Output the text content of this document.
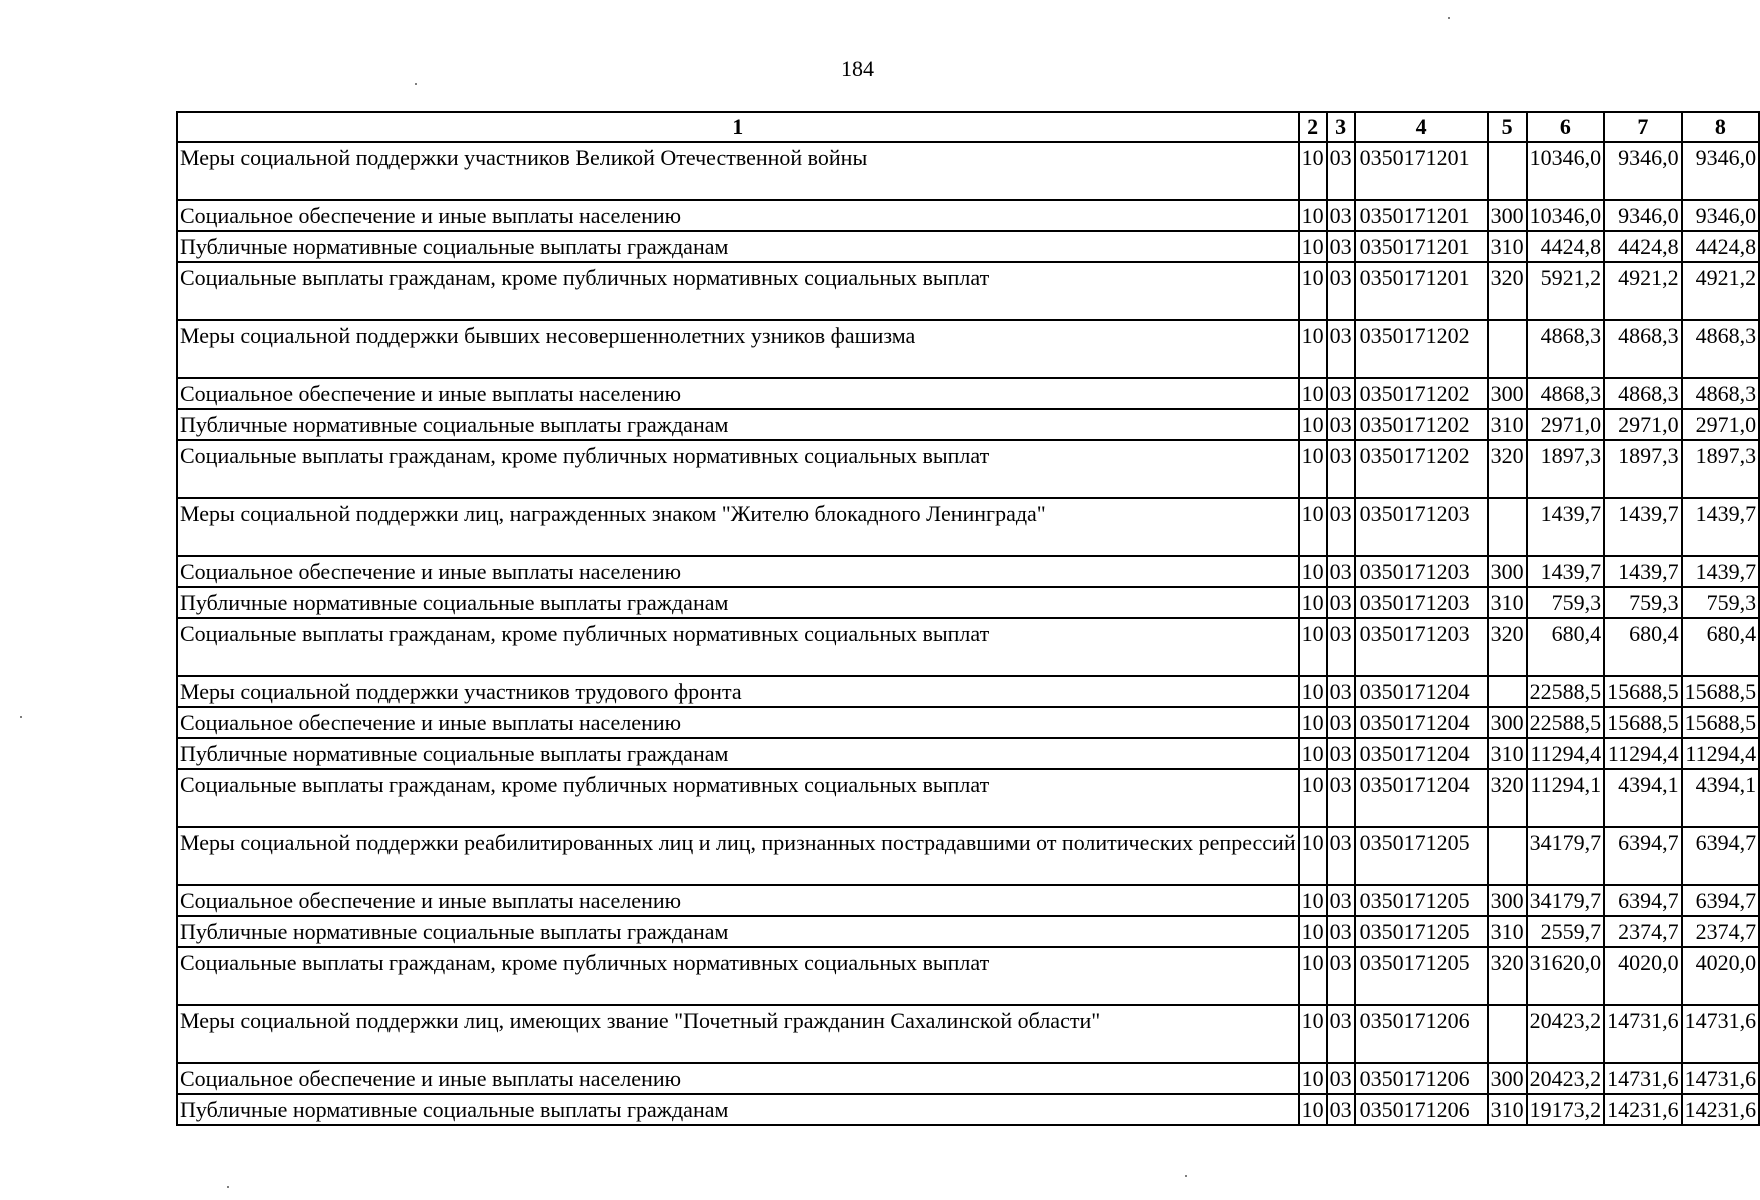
184
1	2	3	4	5	6	7	8
Меры социальной поддержки участников Великой Отечественной войны	10	03	03501 71201		10346,0	9346,0	9346,0
Социальное обеспечение и иные выплаты населению	10	03	03501 71201	300	10346,0	9346,0	9346,0
Публичные нормативные социальные выплаты гражданам	10	03	03501 71201	310	4424,8	4424,8	4424,8
Социальные выплаты гражданам, кроме публичных нормативных социальных выплат	10	03	03501 71201	320	5921,2	4921,2	4921,2
Меры социальной поддержки бывших несовершеннолетних узников фашизма	10	03	03501 71202		4868,3	4868,3	4868,3
Социальное обеспечение и иные выплаты населению	10	03	03501 71202	300	4868,3	4868,3	4868,3
Публичные нормативные социальные выплаты гражданам	10	03	03501 71202	310	2971,0	2971,0	2971,0
Социальные выплаты гражданам, кроме публичных нормативных социальных выплат	10	03	03501 71202	320	1897,3	1897,3	1897,3
Меры социальной поддержки лиц, награжденных знаком "Жителю блокадного Ленинграда"	10	03	03501 71203		1439,7	1439,7	1439,7
Социальное обеспечение и иные выплаты населению	10	03	03501 71203	300	1439,7	1439,7	1439,7
Публичные нормативные социальные выплаты гражданам	10	03	03501 71203	310	759,3	759,3	759,3
Социальные выплаты гражданам, кроме публичных нормативных социальных выплат	10	03	03501 71203	320	680,4	680,4	680,4
Меры социальной поддержки участников трудового фронта	10	03	03501 71204		22588,5	15688,5	15688,5
Социальное обеспечение и иные выплаты населению	10	03	03501 71204	300	22588,5	15688,5	15688,5
Публичные нормативные социальные выплаты гражданам	10	03	03501 71204	310	11294,4	11294,4	11294,4
Социальные выплаты гражданам, кроме публичных нормативных социальных выплат	10	03	03501 71204	320	11294,1	4394,1	4394,1
Меры социальной поддержки реабилитированных лиц и лиц, признанных пострадавшими от политических репрессий	10	03	03501 71205		34179,7	6394,7	6394,7
Социальное обеспечение и иные выплаты населению	10	03	03501 71205	300	34179,7	6394,7	6394,7
Публичные нормативные социальные выплаты гражданам	10	03	03501 71205	310	2559,7	2374,7	2374,7
Социальные выплаты гражданам, кроме публичных нормативных социальных выплат	10	03	03501 71205	320	31620,0	4020,0	4020,0
Меры социальной поддержки лиц, имеющих звание "Почетный гражданин Сахалинской области"	10	03	03501 71206		20423,2	14731,6	14731,6
Социальное обеспечение и иные выплаты населению	10	03	03501 71206	300	20423,2	14731,6	14731,6
Публичные нормативные социальные выплаты гражданам	10	03	03501 71206	310	19173,2	14231,6	14231,6
